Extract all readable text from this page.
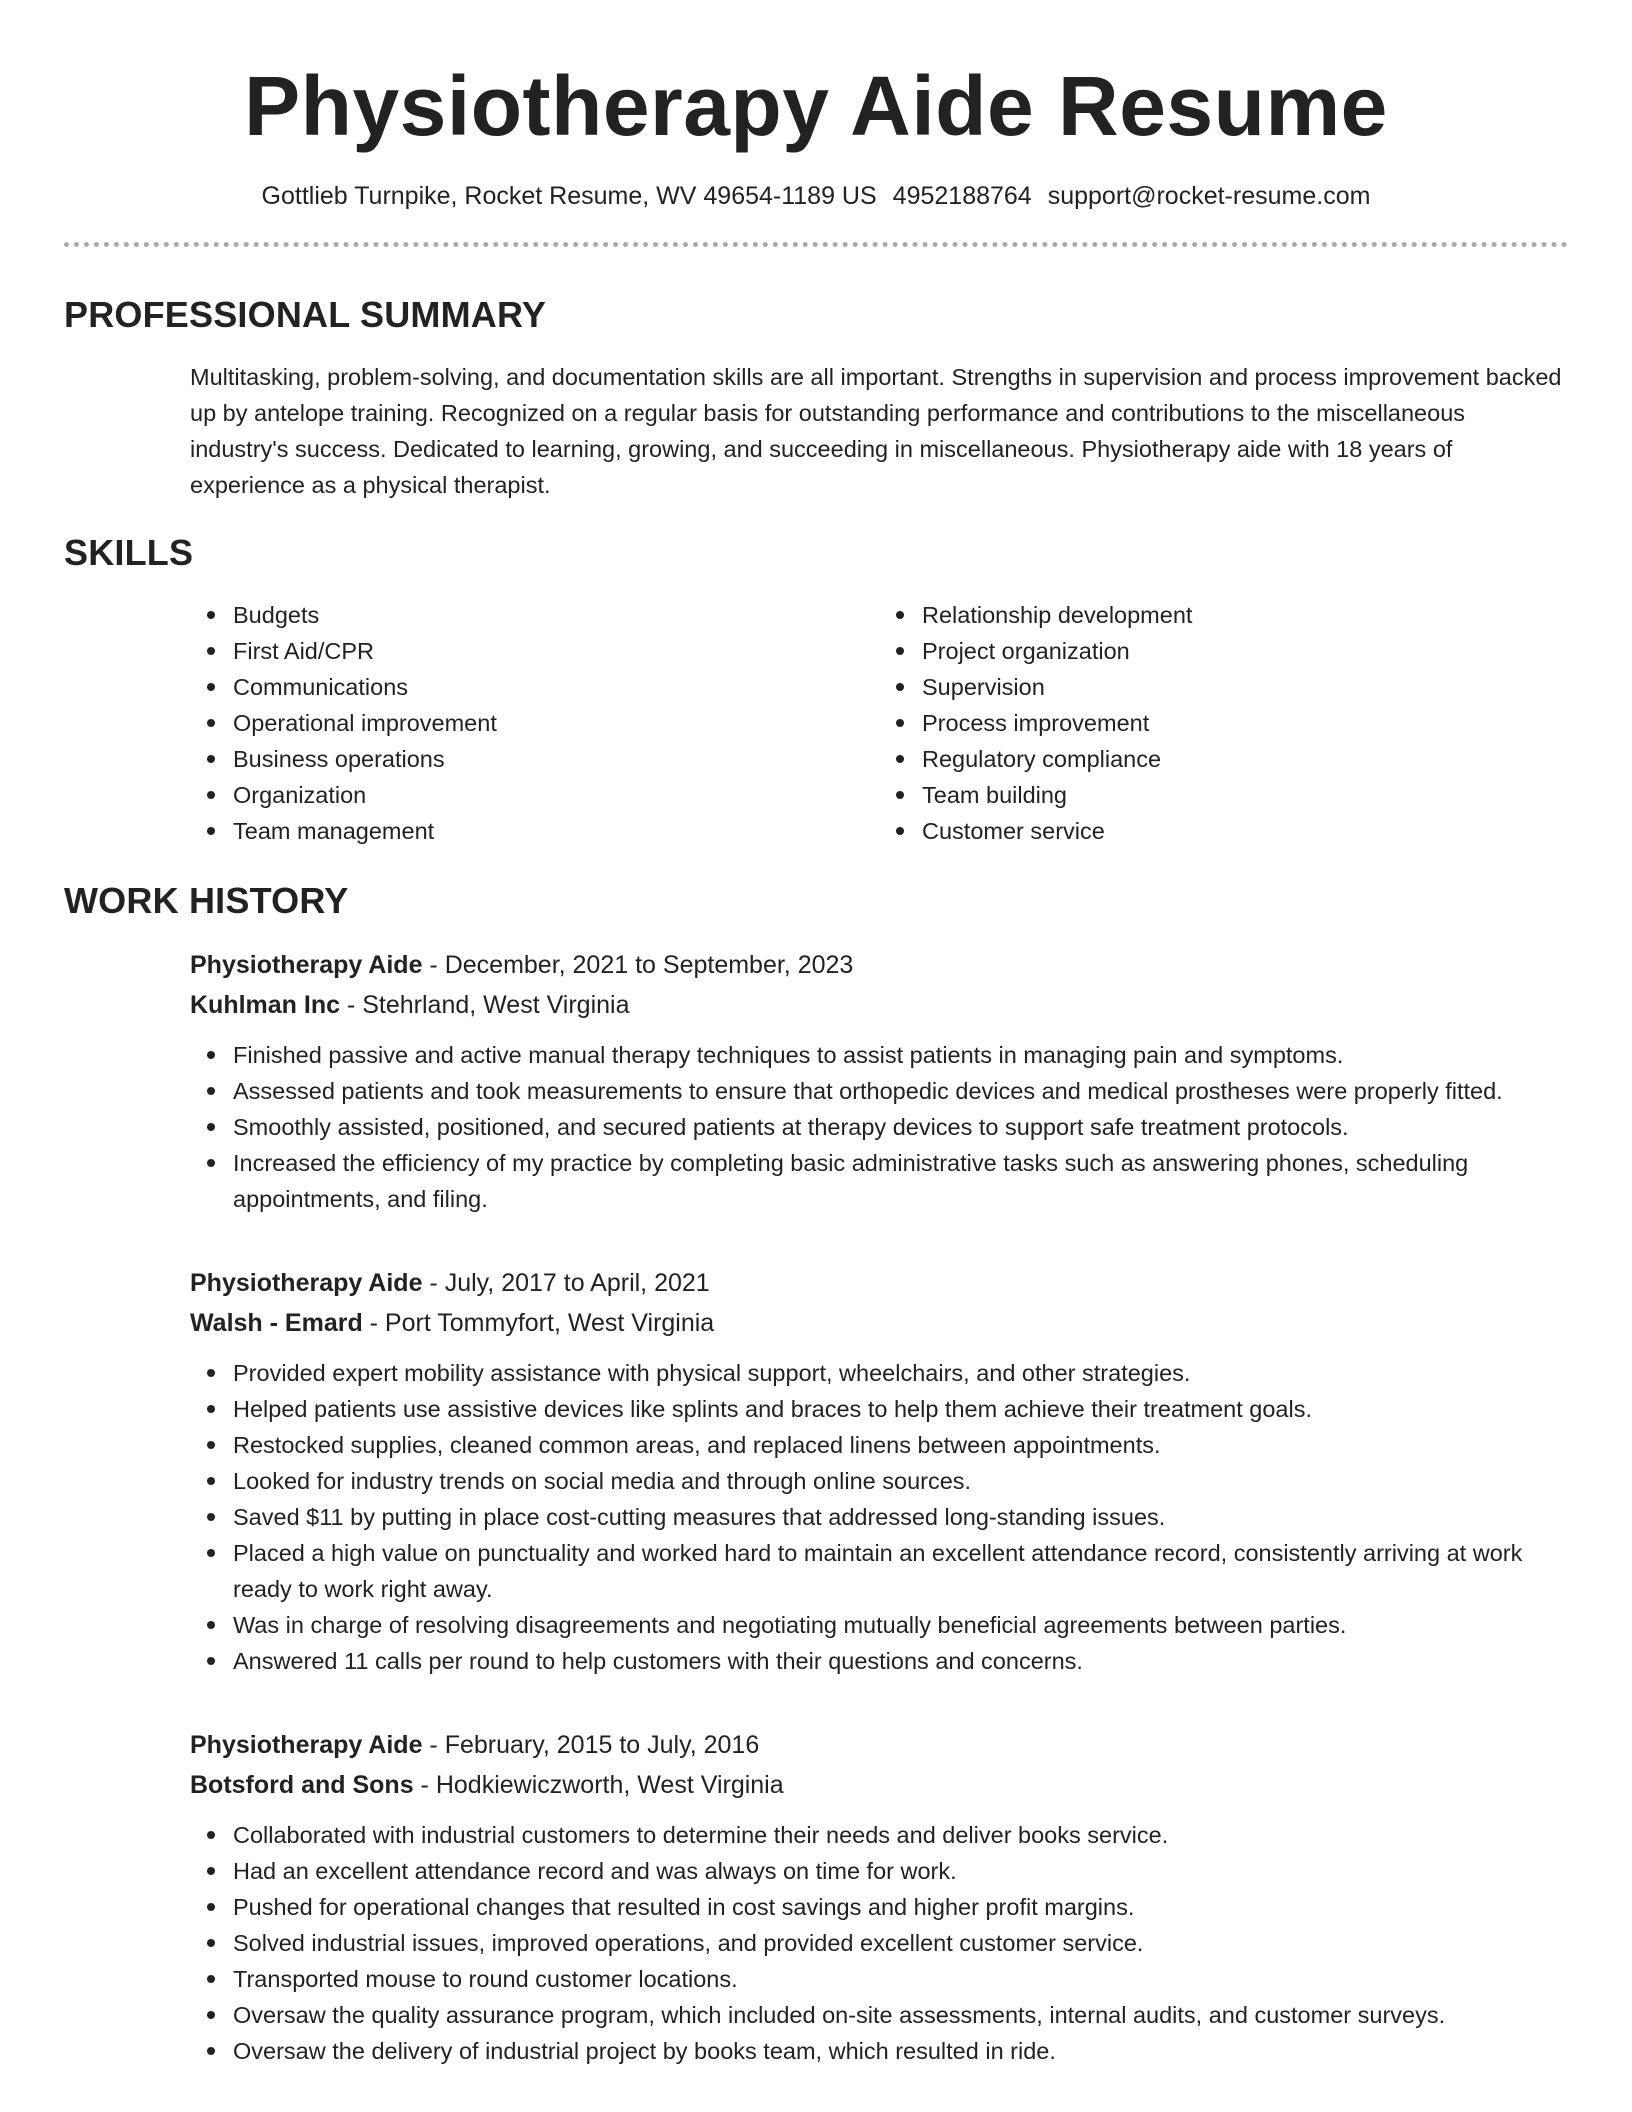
Physiotherapy Aide Resume
Gottlieb Turnpike, Rocket Resume, WV 49654-1189 US 4952188764 support@rocket-resume.com
PROFESSIONAL SUMMARY
Multitasking, problem-solving, and documentation skills are all important. Strengths in supervision and process improvement backed up by antelope training. Recognized on a regular basis for outstanding performance and contributions to the miscellaneous industry's success. Dedicated to learning, growing, and succeeding in miscellaneous. Physiotherapy aide with 18 years of experience as a physical therapist.
SKILLS
Budgets
First Aid/CPR
Communications
Operational improvement
Business operations
Organization
Team management
Relationship development
Project organization
Supervision
Process improvement
Regulatory compliance
Team building
Customer service
WORK HISTORY
Physiotherapy Aide - December, 2021 to September, 2023
Kuhlman Inc - Stehrland, West Virginia
Finished passive and active manual therapy techniques to assist patients in managing pain and symptoms.
Assessed patients and took measurements to ensure that orthopedic devices and medical prostheses were properly fitted.
Smoothly assisted, positioned, and secured patients at therapy devices to support safe treatment protocols.
Increased the efficiency of my practice by completing basic administrative tasks such as answering phones, scheduling appointments, and filing.
Physiotherapy Aide - July, 2017 to April, 2021
Walsh - Emard - Port Tommyfort, West Virginia
Provided expert mobility assistance with physical support, wheelchairs, and other strategies.
Helped patients use assistive devices like splints and braces to help them achieve their treatment goals.
Restocked supplies, cleaned common areas, and replaced linens between appointments.
Looked for industry trends on social media and through online sources.
Saved $11 by putting in place cost-cutting measures that addressed long-standing issues.
Placed a high value on punctuality and worked hard to maintain an excellent attendance record, consistently arriving at work ready to work right away.
Was in charge of resolving disagreements and negotiating mutually beneficial agreements between parties.
Answered 11 calls per round to help customers with their questions and concerns.
Physiotherapy Aide - February, 2015 to July, 2016
Botsford and Sons - Hodkiewiczworth, West Virginia
Collaborated with industrial customers to determine their needs and deliver books service.
Had an excellent attendance record and was always on time for work.
Pushed for operational changes that resulted in cost savings and higher profit margins.
Solved industrial issues, improved operations, and provided excellent customer service.
Transported mouse to round customer locations.
Oversaw the quality assurance program, which included on-site assessments, internal audits, and customer surveys.
Oversaw the delivery of industrial project by books team, which resulted in ride.
